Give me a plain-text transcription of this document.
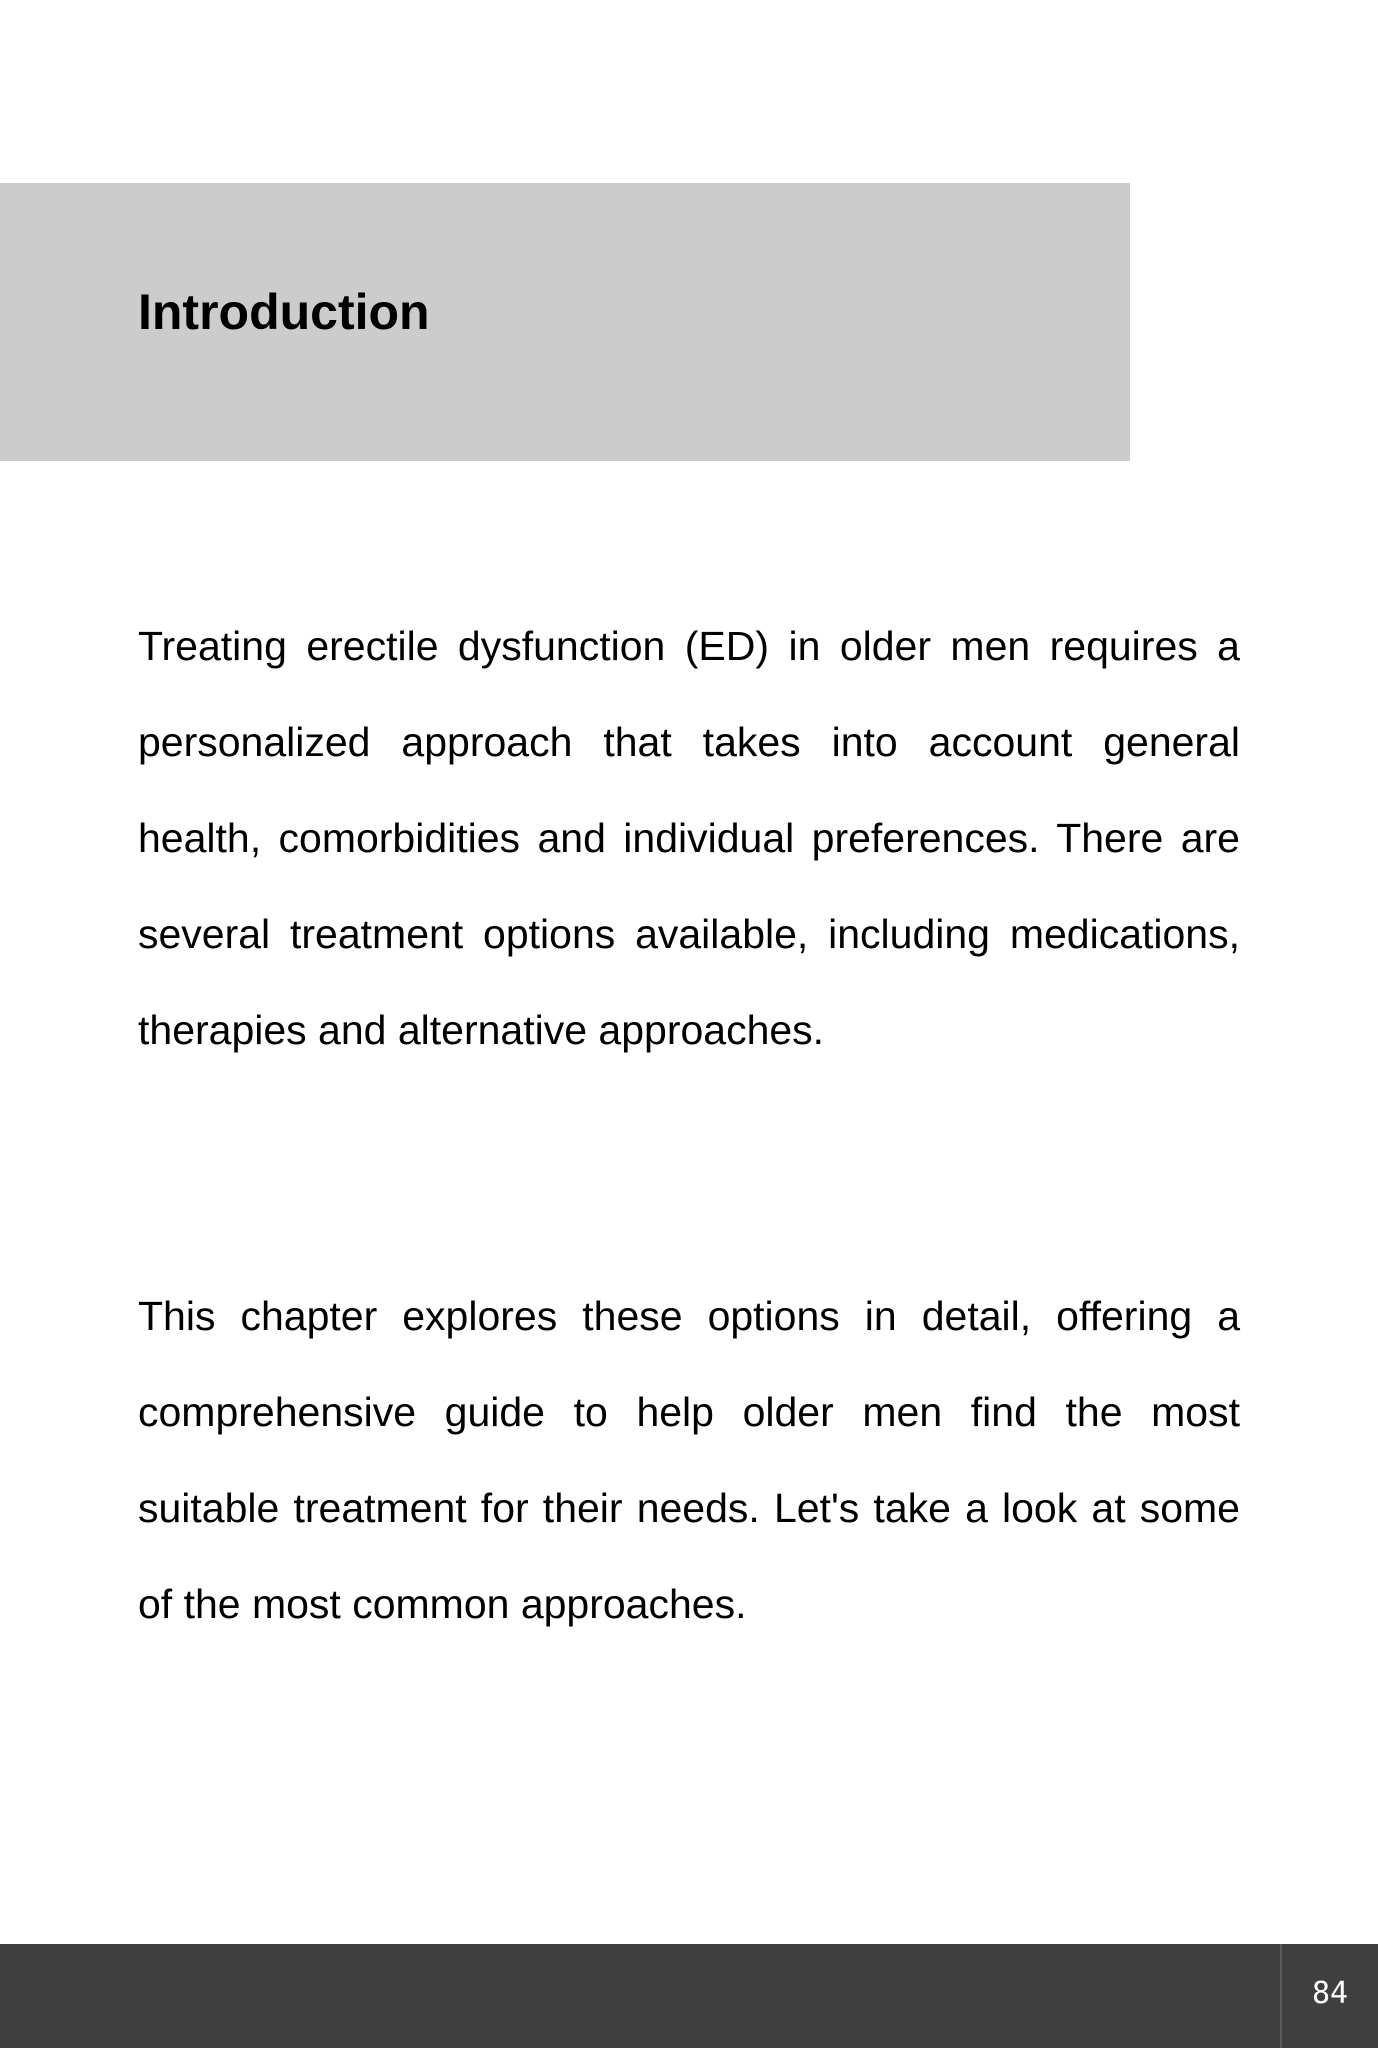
Introduction

Treating erectile dysfunction (ED) in older men requires a personalized approach that takes into account general health, comorbidities and individual preferences. There are several treatment options available, including medications, therapies and alternative approaches.

This chapter explores these options in detail, offering a comprehensive guide to help older men find the most suitable treatment for their needs. Let's take a look at some of the most common approaches.

84
